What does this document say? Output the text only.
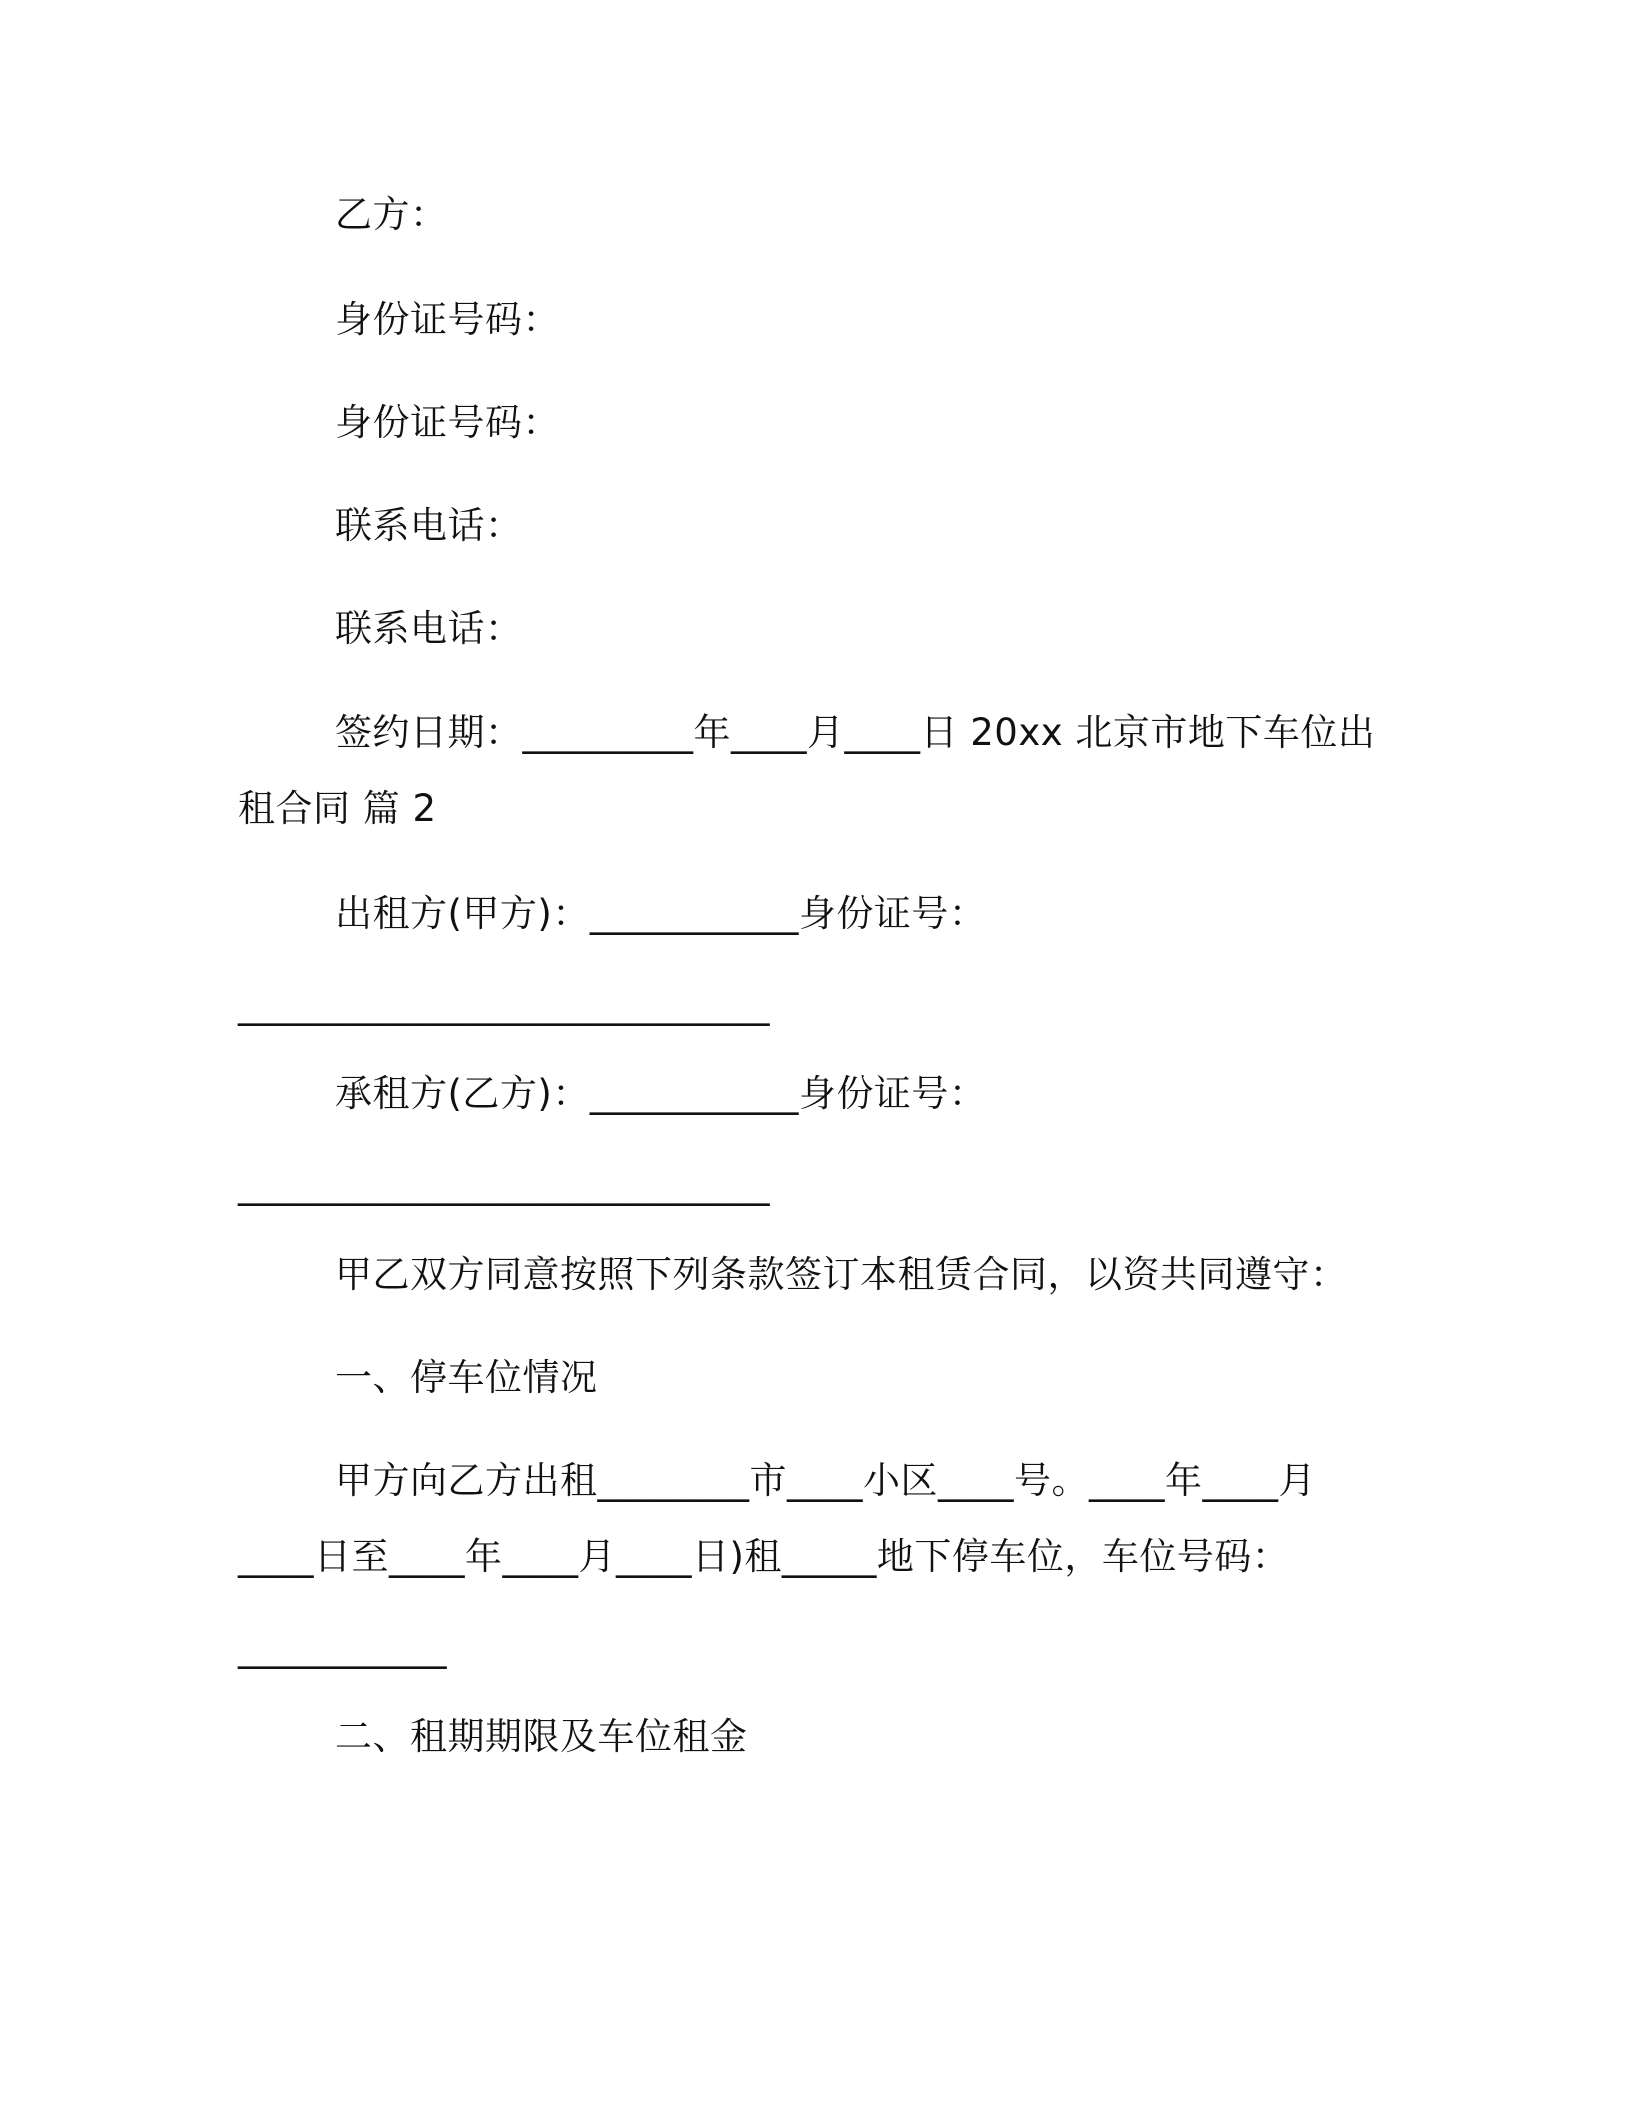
乙方：
身份证号码：
身份证号码：
联系电话：
联系电话：
签约日期：_________年____月____日 20xx 北京市地下车位出
租合同 篇 2
出租方(甲方)：___________身份证号：
____________________________
承租方(乙方)：___________身份证号：
____________________________
甲乙双方同意按照下列条款签订本租赁合同，以资共同遵守：
一、停车位情况
甲方向乙方出租________市____小区____号。____年____月
____日至____年____月____日)租_____地下停车位，车位号码：
___________
二、租期期限及车位租金
